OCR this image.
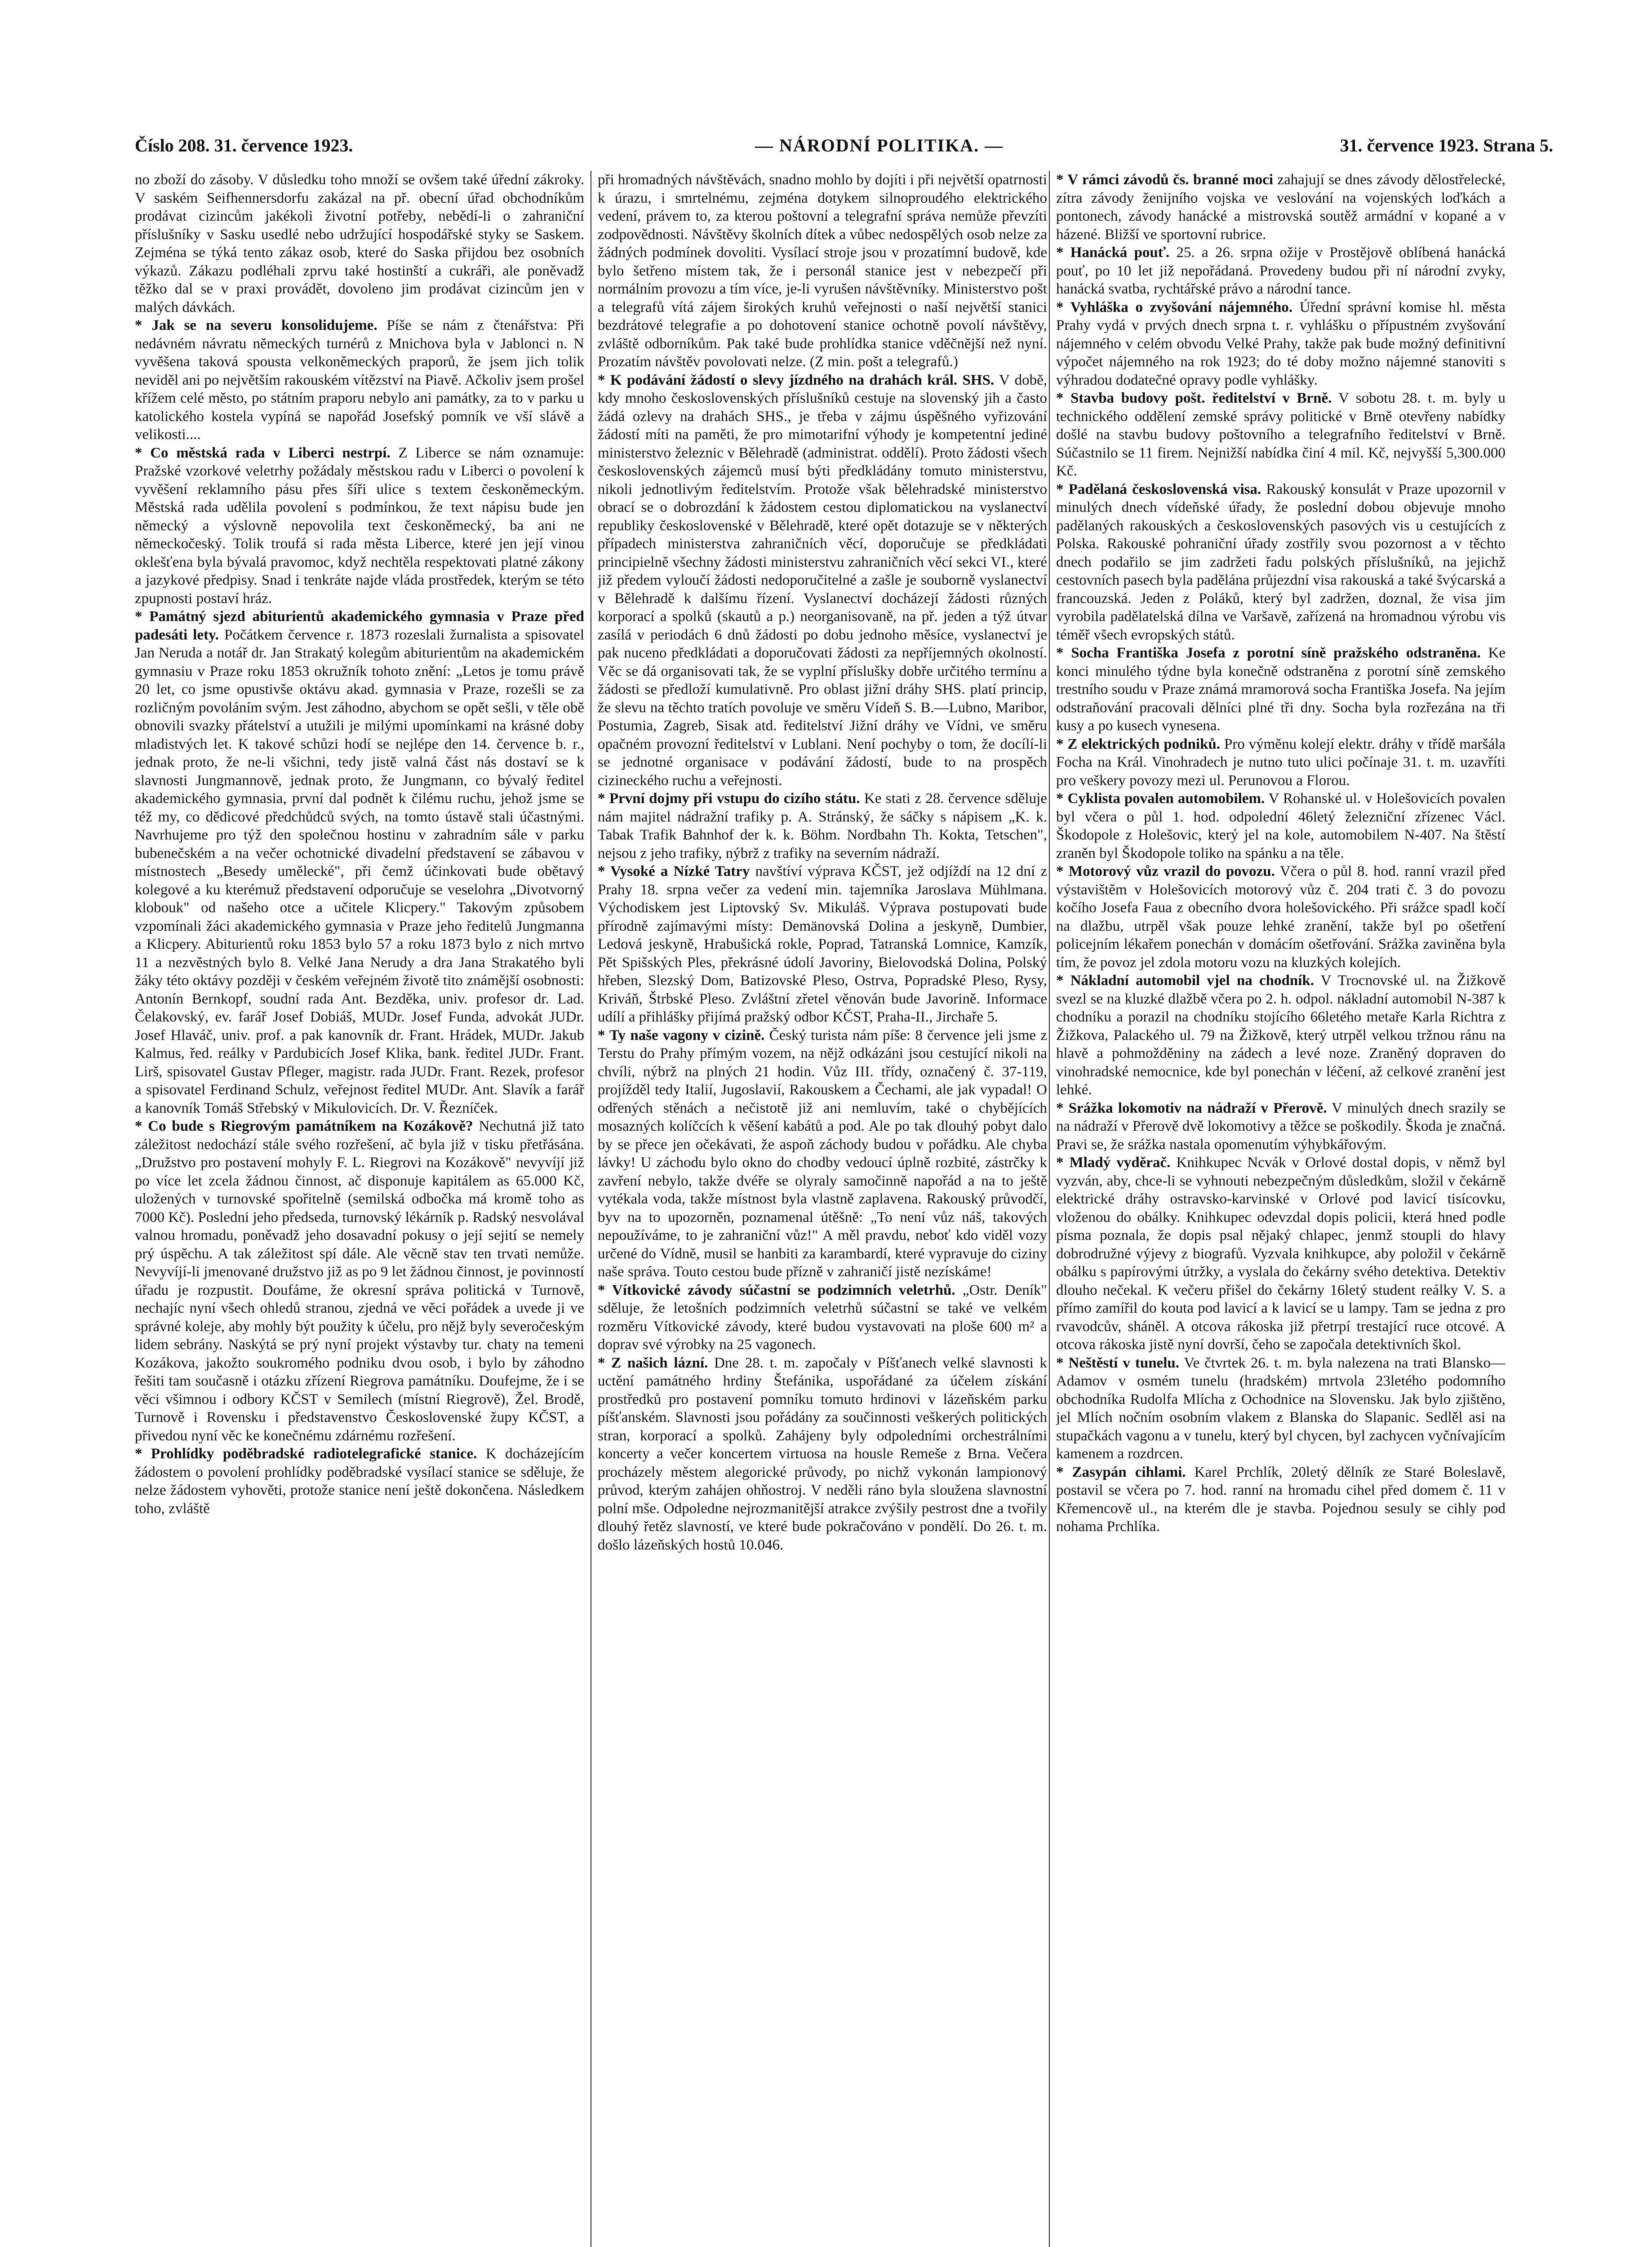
Číslo 208. 31. července 1923.	— NÁRODNÍ POLITIKA. —	31. července 1923. Strana 5.

no zboží do zásoby. V důsledku toho množí se ovšem také úřední zákroky. V saském Seifhennersdorfu zakázal na př. obecní úřad obchodníkům prodávat cizincům jakékoli životní potřeby, nebědí-li o zahraniční příslušníky v Sasku usedlé nebo udržující hospodářské styky se Saskem. Zejména se týká tento zákaz osob, které do Saska přijdou bez osobních výkazů. Zákazu podléhali zprvu také hostinští a cukráři, ale poněvadž těžko dal se v praxi provádět, dovoleno jim prodávat cizincům jen v malých dávkách.

* Jak se na severu konsolidujeme. Píše se nám z čtenářstva: Při nedávném návratu německých turnérů z Mnichova byla v Jablonci n. N vyvěšena taková spousta velkoněmeckých praporů, že jsem jich tolik neviděl ani po největším rakouském vítězství na Piavě. Ačkoliv jsem prošel křížem celé město, po státním praporu nebylo ani památky, za to v parku u katolického kostela vypíná se napořád Josefský pomník ve vší slávě a velikosti....

* Co městská rada v Liberci nestrpí. Z Liberce se nám oznamuje: Pražské vzorkové veletrhy požádaly městskou radu v Liberci o povolení k vyvěšení reklamního pásu přes šíři ulice s textem českoněmeckým. Městská rada udělila povolení s podmínkou, že text nápisu bude jen německý a výslovně nepovolila text českoněmecký, ba ani ne německočeský. Tolik troufá si rada města Liberce, které jen její vinou oklešťena byla bývalá pravomoc, když nechtěla respektovati platné zákony a jazykové předpisy. Snad i tenkráte najde vláda prostředek, kterým se této zpupnosti postaví hráz.

* Památný sjezd abiturientů akademického gymnasia v Praze před padesáti lety. Počátkem července r. 1873 rozeslali žurnalista a spisovatel Jan Neruda a notář dr. Jan Strakatý kolegům abiturientům na akademickém gymnasiu v Praze roku 1853 okružník tohoto znění: „Letos je tomu právě 20 let, co jsme opustivše oktávu akad. gymnasia v Praze, rozešli se za rozličným povoláním svým. Jest záhodno, abychom se opět sešli, v těle obě obnovili svazky přátelství a utužili je milými upomínkami na krásné doby mladistvých let. K takové schůzi hodí se nejlépe den 14. července b. r., jednak proto, že ne-li všichni, tedy jistě valná část nás dostaví se k slavnosti Jungmannově, jednak proto, že Jungmann, co bývalý ředitel akademického gymnasia, první dal podnět k čilému ruchu, jehož jsme se též my, co dědicové předchůdců svých, na tomto ústavě stali účastnými. Navrhujeme pro týž den společnou hostinu v zahradním sále v parku bubenečském a na večer ochotnické divadelní představení se zábavou v místnostech „Besedy umělecké", při čemž účinkovati bude obětavý kolegové a ku kterémuž představení odporučuje se veselohra „Divotvorný klobouk" od našeho otce a učitele Klicpery." Takovým způsobem vzpomínali žáci akademického gymnasia v Praze jeho ředitelů Jungmanna a Klicpery. Abiturientů roku 1853 bylo 57 a roku 1873 bylo z nich mrtvo 11 a nezvěstných bylo 8. Velké Jana Nerudy a dra Jana Strakatého byli žáky této oktávy později v českém veřejném životě tito známější osobnosti: Antonín Bernkopf, soudní rada Ant. Bezděka, univ. profesor dr. Lad. Čelakovský, ev. farář Josef Dobiáš, MUDr. Josef Funda, advokát JUDr. Josef Hlaváč, univ. prof. a pak kanovník dr. Frant. Hrádek, MUDr. Jakub Kalmus, řed. reálky v Pardubicích Josef Klika, bank. ředitel JUDr. Frant. Lirš, spisovatel Gustav Pfleger, magistr. rada JUDr. Frant. Rezek, profesor a spisovatel Ferdinand Schulz, veřejnost ředitel MUDr. Ant. Slavík a farář a kanovník Tomáš Střebský v Mikulovicích. Dr. V. Řezníček.

* Co bude s Riegrovým památníkem na Kozákově? Nechutná již tato záležitost nedochází stále svého rozřešení, ač byla již v tisku přetřásána. „Družstvo pro postavení mohyly F. L. Riegrovi na Kozákově" nevyvíjí již po více let zcela žádnou činnost, ač disponuje kapitálem as 65.000 Kč, uložených v turnovské spořitelně (semilská odbočka má kromě toho as 7000 Kč). Posledni jeho předseda, turnovský lékárník p. Radský nesvolával valnou hromadu, poněvadž jeho dosavadní pokusy o její sejití se nemely prý úspěchu. A tak záležitost spí dále. Ale věcně stav ten trvati nemůže. Nevyvíjí-li jmenované družstvo již as po 9 let žádnou činnost, je povinností úřadu je rozpustit. Doufáme, že okresní správa politická v Turnově, nechajíc nyní všech ohledů stranou, zjedná ve věci pořádek a uvede ji ve správné koleje, aby mohly být použity k účelu, pro nějž byly severočeským lidem sebrány. Naskýtá se prý nyní projekt výstavby tur. chaty na temeni Kozákova, jakožto soukromého podniku dvou osob, i bylo by záhodno řešiti tam současně i otázku zřízení Riegrova památníku. Doufejme, že i se věci všimnou i odbory KČST v Semilech (místní Riegrově), Žel. Brodě, Turnově i Rovensku i představenstvo Československé župy KČST, a přivedou nyní věc ke konečnému zdárnému rozřešení.

* Prohlídky poděbradské radiotelegrafické stanice. K docházejícím žádostem o povolení prohlídky poděbradské vysílací stanice se sděluje, že nelze žádostem vyhověti, protože stanice není ještě dokončena. Následkem toho, zvláště

při hromadných návštěvách, snadno mohlo by dojíti i při největší opatrnosti k úrazu, i smrtelnému, zejména dotykem silnoproudého elektrického vedení, právem to, za kterou poštovní a telegrafní správa nemůže převzíti zodpovědnosti. Návštěvy školních dítek a vůbec nedospělých osob nelze za žádných podmínek dovoliti. Vysílací stroje jsou v prozatímní budově, kde bylo šetřeno místem tak, že i personál stanice jest v nebezpečí při normálním provozu a tím více, je-li vyrušen návštěvníky. Ministerstvo pošt a telegrafů vítá zájem širokých kruhů veřejnosti o naší největší stanici bezdrátové telegrafie a po dohotovení stanice ochotně povolí návštěvy, zvláště odborníkům. Pak také bude prohlídka stanice vděčnější než nyní. Prozatím návštěv povolovati nelze. (Z min. pošt a telegrafů.)

* K podávání žádostí o slevy jízdného na drahách král. SHS. V době, kdy mnoho československých příslušníků cestuje na slovenský jih a často žádá ozlevy na drahách SHS., je třeba v zájmu úspěšného vyřizování žádostí míti na paměti, že pro mimotarifní výhody je kompetentní jediné ministerstvo železnic v Bělehradě (administrat. oddělí). Proto žádosti všech československých zájemců musí býti předkládány tomuto ministerstvu, nikoli jednotlivým ředitelstvím. Protože však bělehradské ministerstvo obrací se o dobrozdání k žádostem cestou diplomatickou na vyslanectví republiky československé v Bělehradě, které opět dotazuje se v některých případech ministerstva zahraničních věcí, doporučuje se předkládati principielně všechny žádosti ministerstvu zahraničních věcí sekci VI., které již předem vyloučí žádosti nedoporučitelné a zašle je souborně vyslanectví v Bělehradě k dalšímu řízení. Vyslanectví docházejí žádosti různých korporací a spolků (skautů a p.) neorganisovaně, na př. jeden a týž útvar zasílá v periodách 6 dnů žádosti po dobu jednoho měsíce, vyslanectví je pak nuceno předkládati a doporučovati žádosti za nepříjemných okolností. Věc se dá organisovati tak, že se vyplní příslušky dobře určitého termínu a žádosti se předloží kumulativně. Pro oblast jižní dráhy SHS. platí princip, že slevu na těchto tratích povoluje ve směru Vídeň S. B.—Lubno, Maribor, Postumia, Zagreb, Sisak atd. ředitelství Jižní dráhy ve Vídni, ve směru opačném provozní ředitelství v Lublani. Není pochyby o tom, že docílí-li se jednotné organisace v podávání žádostí, bude to na prospěch cizineckého ruchu a veřejnosti.

* První dojmy při vstupu do cizího státu. Ke stati z 28. července sděluje nám majitel nádražní trafiky p. A. Stránský, že sáčky s nápisem „K. k. Tabak Trafik Bahnhof der k. k. Böhm. Nordbahn Th. Kokta, Tetschen", nejsou z jeho trafiky, nýbrž z trafiky na severním nádraží.

* Vysoké a Nízké Tatry navštíví výprava KČST, jež odjíždí na 12 dní z Prahy 18. srpna večer za vedení min. tajemníka Jaroslava Mühlmana. Východiskem jest Liptovský Sv. Mikuláš. Výprava postupovati bude přírodně zajímavými místy: Demänovská Dolina a jeskyně, Dumbier, Ledová jeskyně, Hrabušická rokle, Poprad, Tatranská Lomnice, Kamzík, Pět Spišských Ples, překrásné údolí Javoriny, Bielovodská Dolina, Polský hřeben, Slezský Dom, Batizovské Pleso, Ostrva, Popradské Pleso, Rysy, Kriváň, Štrbské Pleso. Zvláštní zřetel věnován bude Javorině. Informace udílí a přihlášky přijímá pražský odbor KČST, Praha-II., Jirchaře 5.

* Ty naše vagony v cizině. Český turista nám píše: 8 července jeli jsme z Terstu do Prahy přímým vozem, na nějž odkázáni jsou cestující nikoli na chvíli, nýbrž na plných 21 hodin. Vůz III. třídy, označený č. 37-119, projížděl tedy Italií, Jugoslavií, Rakouskem a Čechami, ale jak vypadal! O odřených stěnách a nečistotě již ani nemluvím, také o chybějících mosazných kolíčcích k věšení kabátů a pod. Ale po tak dlouhý pobyt dalo by se přece jen očekávati, že aspoň záchody budou v pořádku. Ale chyba lávky! U záchodu bylo okno do chodby vedoucí úplně rozbité, zástrčky k zavření nebylo, takže dvéře se olyraly samočinně napořád a na to ještě vytékala voda, takže místnost byla vlastně zaplavena. Rakouský průvodčí, byv na to upozorněn, poznamenal útěšně: „To není vůz náš, takových nepoužíváme, to je zahraniční vůz!" A měl pravdu, neboť kdo viděl vozy určené do Vídně, musil se hanbiti za karambardí, které vypravuje do ciziny naše správa. Touto cestou bude přízně v zahraničí jistě nezískáme!

* Vítkovické závody súčastní se podzimních veletrhů. „Ostr. Deník" sděluje, že letošních podzimních veletrhů súčastní se také ve velkém rozměru Vítkovické závody, které budou vystavovati na ploše 600 m² a doprav své výrobky na 25 vagonech.

* Z našich lázní. Dne 28. t. m. započaly v Píšťanech velké slavnosti k uctění památného hrdiny Štefánika, uspořádané za účelem získání prostředků pro postavení pomníku tomuto hrdinovi v lázeňském parku píšťanském. Slavnosti jsou pořádány za součinnosti veškerých politických stran, korporací a spolků. Zahájeny byly odpoledními orchestrálními koncerty a večer koncertem virtuosa na housle Remeše z Brna. Večera procházely městem alegorické průvody, po nichž vykonán lampionový průvod, kterým zahájen ohňostroj. V neděli ráno byla sloužena slavnostní polní mše. Odpoledne nejrozmanitější atrakce zvýšily pestrost dne a tvořily dlouhý řetěz slavností, ve které bude pokračováno v pondělí. Do 26. t. m. došlo lázeňských hostů 10.046.

* V rámci závodů čs. branné moci zahajují se dnes závody dělostřelecké, zítra závody ženijního vojska ve veslování na vojenských loďkách a pontonech, závody hanácké a mistrovská soutěž armádní v kopané a v házené. Bližší ve sportovní rubrice.

* Hanácká pouť. 25. a 26. srpna ožije v Prostějově oblíbená hanácká pouť, po 10 let již nepořádaná. Provedeny budou při ní národní zvyky, hanácká svatba, rychtářské právo a národní tance.

* Vyhláška o zvyšování nájemného. Úřední správní komise hl. města Prahy vydá v prvých dnech srpna t. r. vyhlášku o přípustném zvyšování nájemného v celém obvodu Velké Prahy, takže pak bude možný definitivní výpočet nájemného na rok 1923; do té doby možno nájemné stanoviti s výhradou dodatečné opravy podle vyhlášky.

* Stavba budovy pošt. ředitelství v Brně. V sobotu 28. t. m. byly u technického oddělení zemské správy politické v Brně otevřeny nabídky došlé na stavbu budovy poštovního a telegrafního ředitelství v Brně. Súčastnilo se 11 firem. Nejnižší nabídka činí 4 mil. Kč, nejvyšší 5,300.000 Kč.

* Padělaná československá visa. Rakouský konsulát v Praze upozornil v minulých dnech vídeňské úřady, že poslední dobou objevuje mnoho padělaných rakouských a československých pasových vis u cestujících z Polska. Rakouské pohraniční úřady zostřily svou pozornost a v těchto dnech podařilo se jim zadržeti řadu polských příslušníků, na jejichž cestovních pasech byla padělána průjezdní visa rakouská a také švýcarská a francouzská. Jeden z Poláků, který byl zadržen, doznal, že visa jim vyrobila padělatelská dílna ve Varšavě, zařízená na hromadnou výrobu vis téměř všech evropských států.

* Socha Františka Josefa z porotní síně pražského odstraněna. Ke konci minulého týdne byla konečně odstraněna z porotní síně zemského trestního soudu v Praze známá mramorová socha Františka Josefa. Na jejím odstraňování pracovali dělníci plné tři dny. Socha byla rozřezána na tři kusy a po kusech vynesena.

* Z elektrických podniků. Pro výměnu kolejí elektr. dráhy v třídě maršála Focha na Král. Vinohradech je nutno tuto ulici počínaje 31. t. m. uzavříti pro veškery povozy mezi ul. Perunovou a Florou.

* Cyklista povalen automobilem. V Rohanské ul. v Holešovicích povalen byl včera o půl 1. hod. odpolední 46letý železniční zřízenec Václ. Škodopole z Holešovic, který jel na kole, automobilem N-407. Na štěstí zraněn byl Škodopole toliko na spánku a na těle.

* Motorový vůz vrazil do povozu. Včera o půl 8. hod. ranní vrazil před výstavištěm v Holešovicích motorový vůz č. 204 trati č. 3 do povozu kočího Josefa Faua z obecního dvora holešovického. Při srážce spadl kočí na dlažbu, utrpěl však pouze lehké zranění, takže byl po ošetření policejním lékařem ponechán v domácím ošetřování. Srážka zaviněna byla tím, že povoz jel zdola motoru vozu na kluzkých kolejích.

* Nákladní automobil vjel na chodník. V Trocnovské ul. na Žižkově svezl se na kluzké dlažbě včera po 2. h. odpol. nákladní automobil N-387 k chodníku a porazil na chodníku stojícího 66letého metaře Karla Richtra z Žižkova, Palackého ul. 79 na Žižkově, který utrpěl velkou tržnou ránu na hlavě a pohmožděniny na zádech a levé noze. Zraněný dopraven do vinohradské nemocnice, kde byl ponechán v léčení, až celkové zranění jest lehké.

* Srážka lokomotiv na nádraží v Přerově. V minulých dnech srazily se na nádraží v Přerově dvě lokomotivy a těžce se poškodily. Škoda je značná. Pravi se, že srážka nastala opomenutím výhybkářovým.

* Mladý vyděrač. Knihkupec Ncvák v Orlové dostal dopis, v němž byl vyzván, aby, chce-li se vyhnouti nebezpečným důsledkům, složil v čekárně elektrické dráhy ostravsko-karvinské v Orlové pod lavicí tisícovku, vloženou do obálky. Knihkupec odevzdal dopis policii, která hned podle písma poznala, že dopis psal nějaký chlapec, jenmž stoupli do hlavy dobrodružné výjevy z biografů. Vyzvala knihkupce, aby položil v čekárně obálku s papírovými útržky, a vyslala do čekárny svého detektiva. Detektiv dlouho nečekal. K večeru přišel do čekárny 16letý student reálky V. S. a přímo zamířil do kouta pod lavicí a k lavicí se u lampy. Tam se jedna z pro rvavodcův, sháněl. A otcova rákoska již přetrpí trestající ruce otcové. A otcova rákoska jistě nyní dovrší, čeho se započala detektivních škol.

* Neštěstí v tunelu. Ve čtvrtek 26. t. m. byla nalezena na trati Blansko—Adamov v osmém tunelu (hradském) mrtvola 23letého podomního obchodníka Rudolfa Mlícha z Ochodnice na Slovensku. Jak bylo zjištěno, jel Mlích nočním osobním vlakem z Blanska do Slapanic. Sedlěl asi na stupačkách vagonu a v tunelu, který byl chycen, byl zachycen vyčnívajícím kamenem a rozdrcen.

* Zasypán cihlami. Karel Prchlík, 20letý dělník ze Staré Boleslavě, postavil se včera po 7. hod. ranní na hromadu cihel před domem č. 11 v Křemencově ul., na kterém dle je stavba. Pojednou sesuly se cihly pod nohama Prchlíka.
